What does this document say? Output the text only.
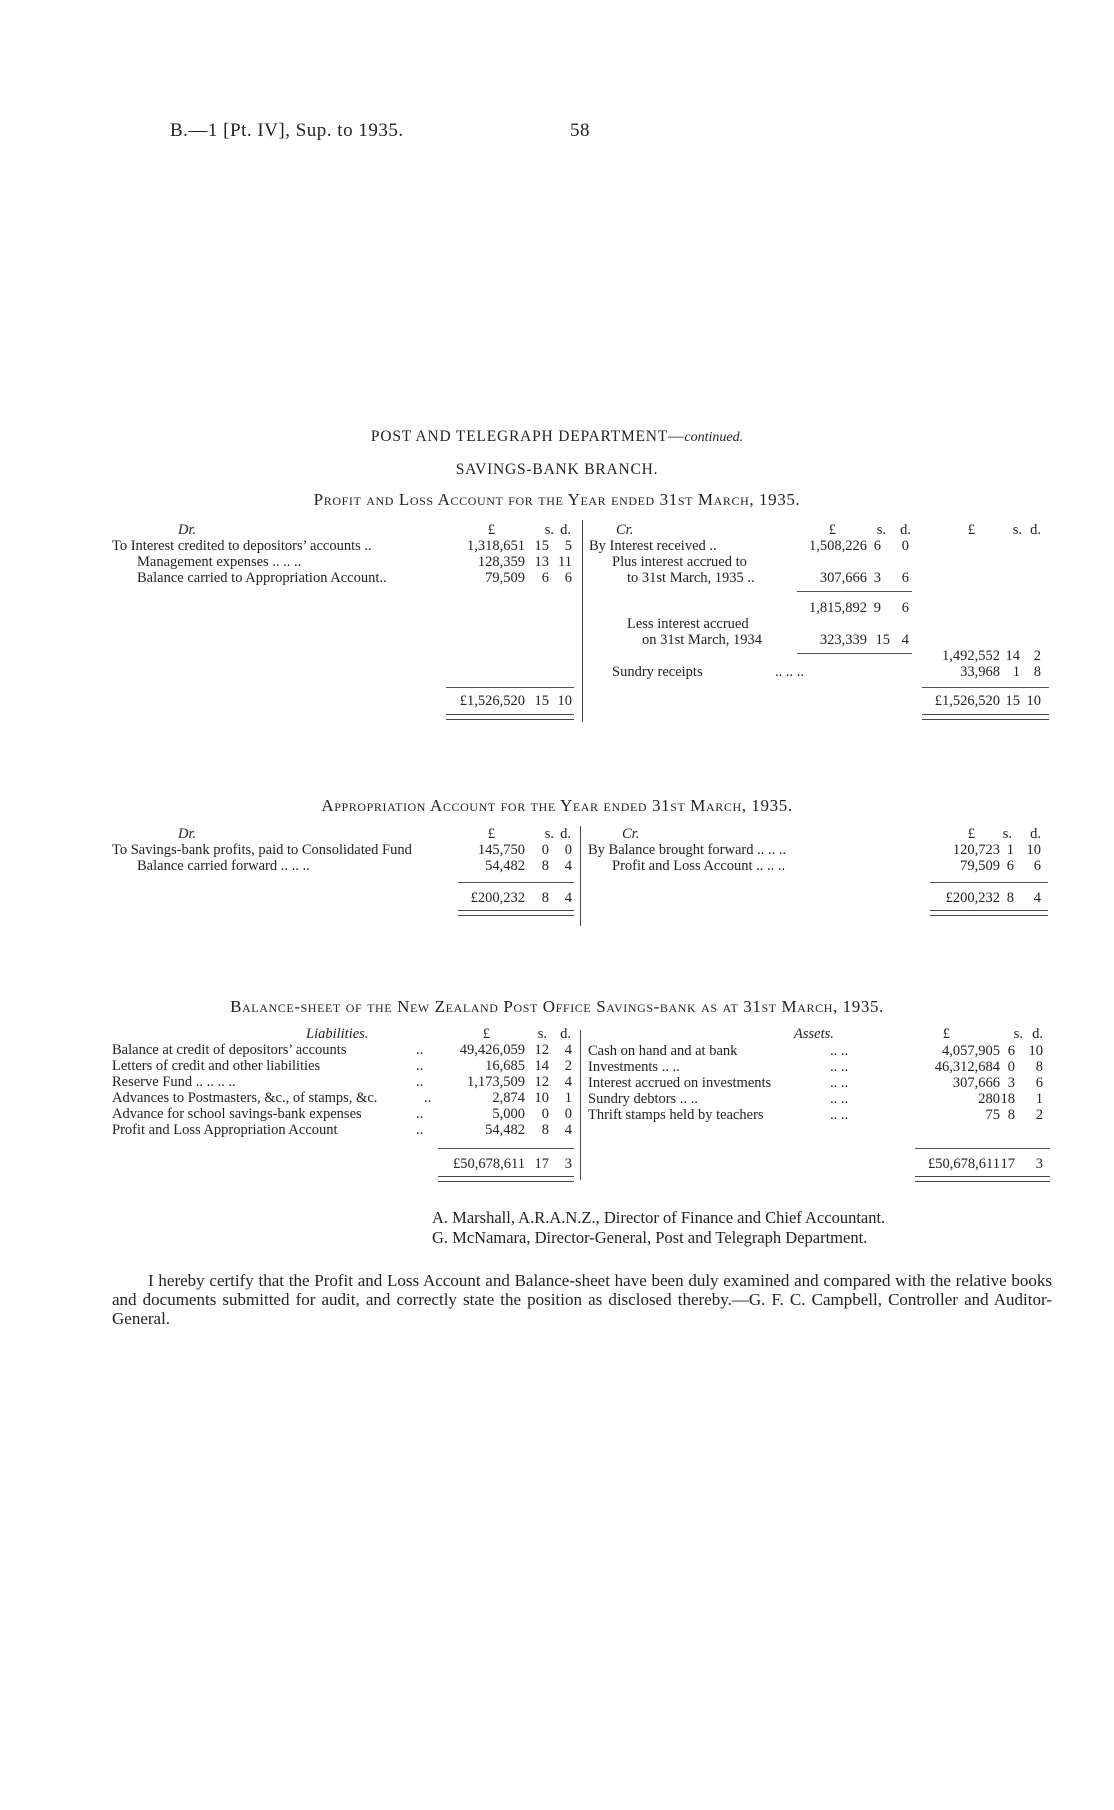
B.—1 [Pt. IV], Sup. to 1935.	58
POST AND TELEGRAPH DEPARTMENT—continued.
SAVINGS-BANK BRANCH.
Profit and Loss Account for the Year ended 31st March, 1935.
Dr.	£	s. d.
To Interest credited to depositors’ accounts ..	1,318,651 15	5
Management expenses .. .. ..	128,359 13 11
Balance carried to Appropriation Account..	79,509	6	6
£1,526,520 15 10
Cr.	£	s. d.	£	s. d.
By Interest received ..	1,508,226 6	0
Plus interest accrued to
to 31st March, 1935 ..	307,666 3	6
1,815,892 9	6
Less interest accrued
on 31st March, 1934	323,339 15 4
1,492,552 14 2
Sundry receipts	.. .. ..	33,968 1 8
£1,526,520 15 10
Appropriation Account for the Year ended 31st March, 1935.
Dr.	£	s. d.
To Savings-bank profits, paid to Consolidated Fund	145,750	0	0
Balance carried forward .. .. ..	54,482	8	4
£200,232	8	4
Cr.	£	s.	d.
By Balance brought forward .. .. ..	120,723 1 10
Profit and Loss Account .. .. ..	79,509 6	6
£200,232 8	4
Balance-sheet of the New Zealand Post Office Savings-bank as at 31st March, 1935.
Liabilities.	£	s. d.
Balance at credit of depositors’ accounts	..	49,426,059 12	4
Letters of credit and other liabilities	..	16,685 14	2
Reserve Fund .. .. .. ..	..	1,173,509 12	4
Advances to Postmasters, &c., of stamps, &c.	..	2,874 10	1
Advance for school savings-bank expenses	..	5,000	0	0
Profit and Loss Appropriation Account	..	54,482	8	4
£50,678,611 17	3
Assets.	£	s. d.
Cash on hand and at bank	.. ..	4,057,905 6 10
Investments .. ..	.. ..	46,312,684 0	8
Interest accrued on investments	.. ..	307,666 3	6
Sundry debtors .. ..	.. ..	280 18	1
Thrift stamps held by teachers	.. ..	75 8	2
£50,678,611 17	3
A. Marshall, A.R.A.N.Z., Director of Finance and Chief Accountant.
G. McNamara, Director-General, Post and Telegraph Department.
I hereby certify that the Profit and Loss Account and Balance-sheet have been duly examined and compared with the relative books and documents submitted for audit, and correctly state the position as disclosed thereby.—G. F. C. Campbell, Controller and Auditor-General.
